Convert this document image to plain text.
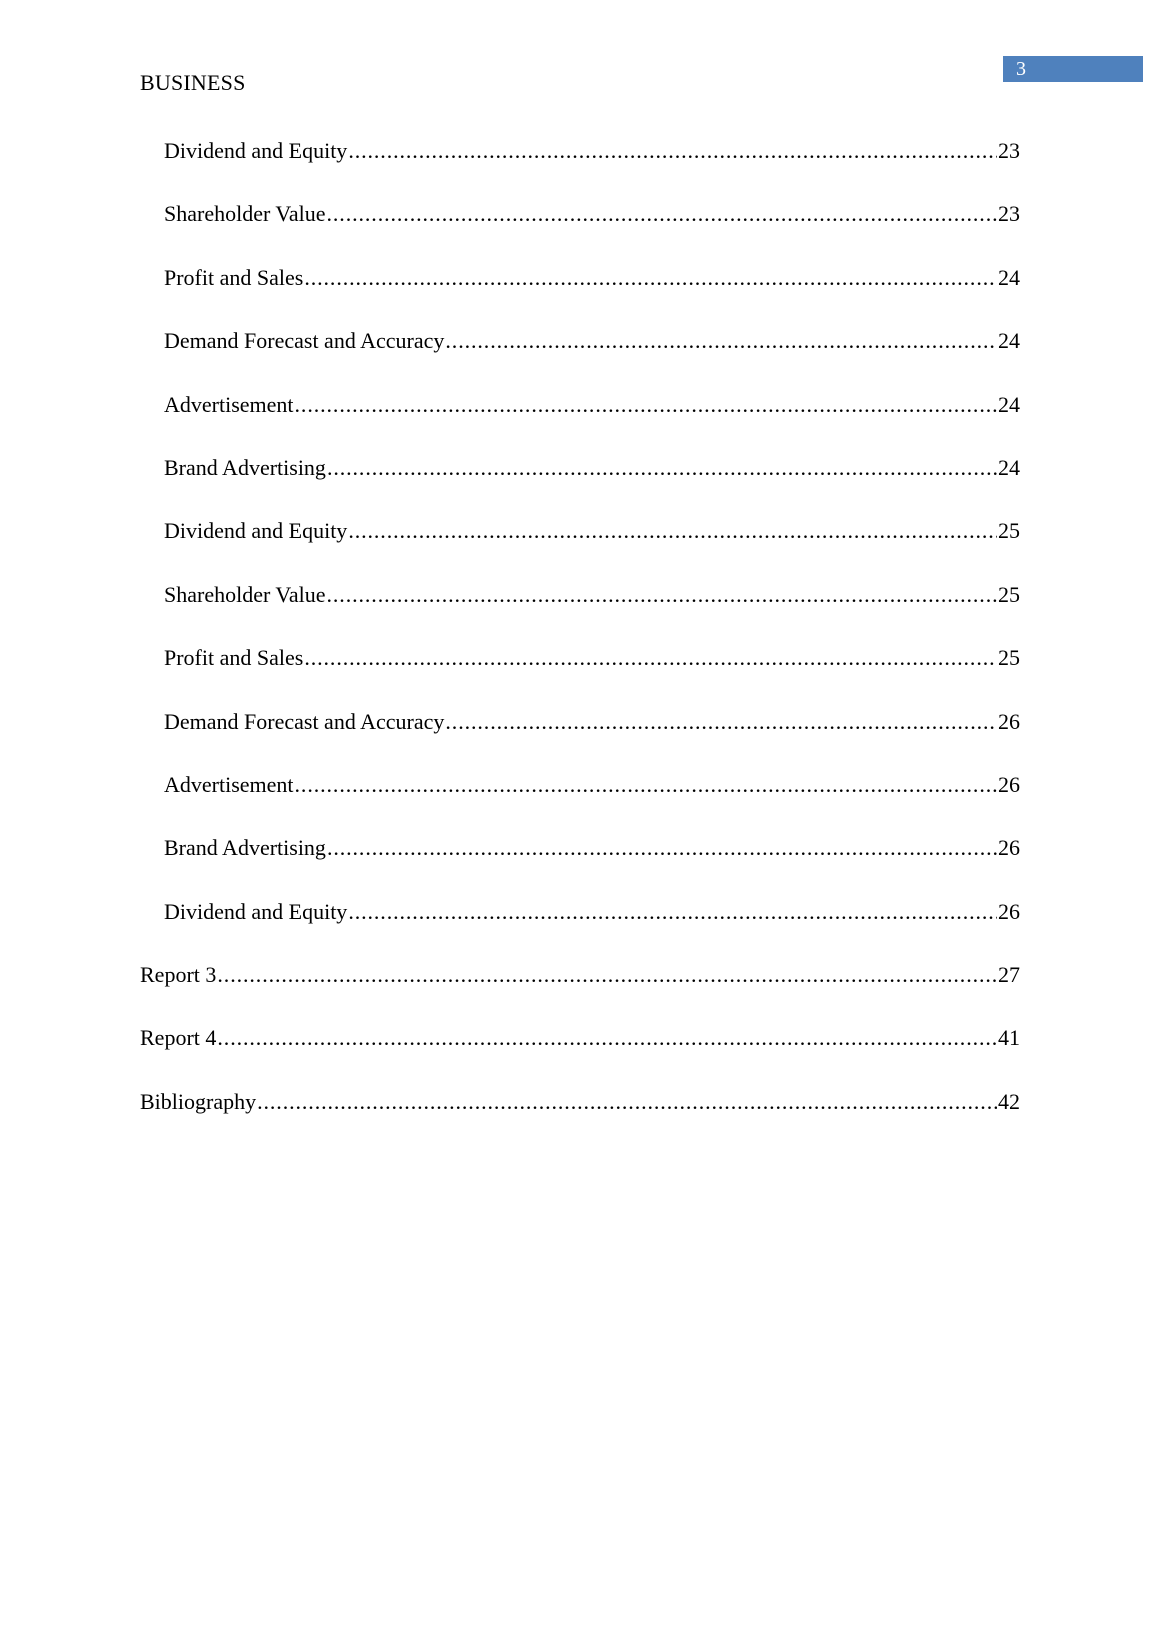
3
BUSINESS
Dividend and Equity .....	23
Shareholder Value .....	23
Profit and Sales .....	24
Demand Forecast and Accuracy .....	24
Advertisement .....	24
Brand Advertising .....	24
Dividend and Equity .....	25
Shareholder Value .....	25
Profit and Sales .....	25
Demand Forecast and Accuracy .....	26
Advertisement .....	26
Brand Advertising .....	26
Dividend and Equity .....	26
Report 3 .....	27
Report 4 .....	41
Bibliography .....	42
